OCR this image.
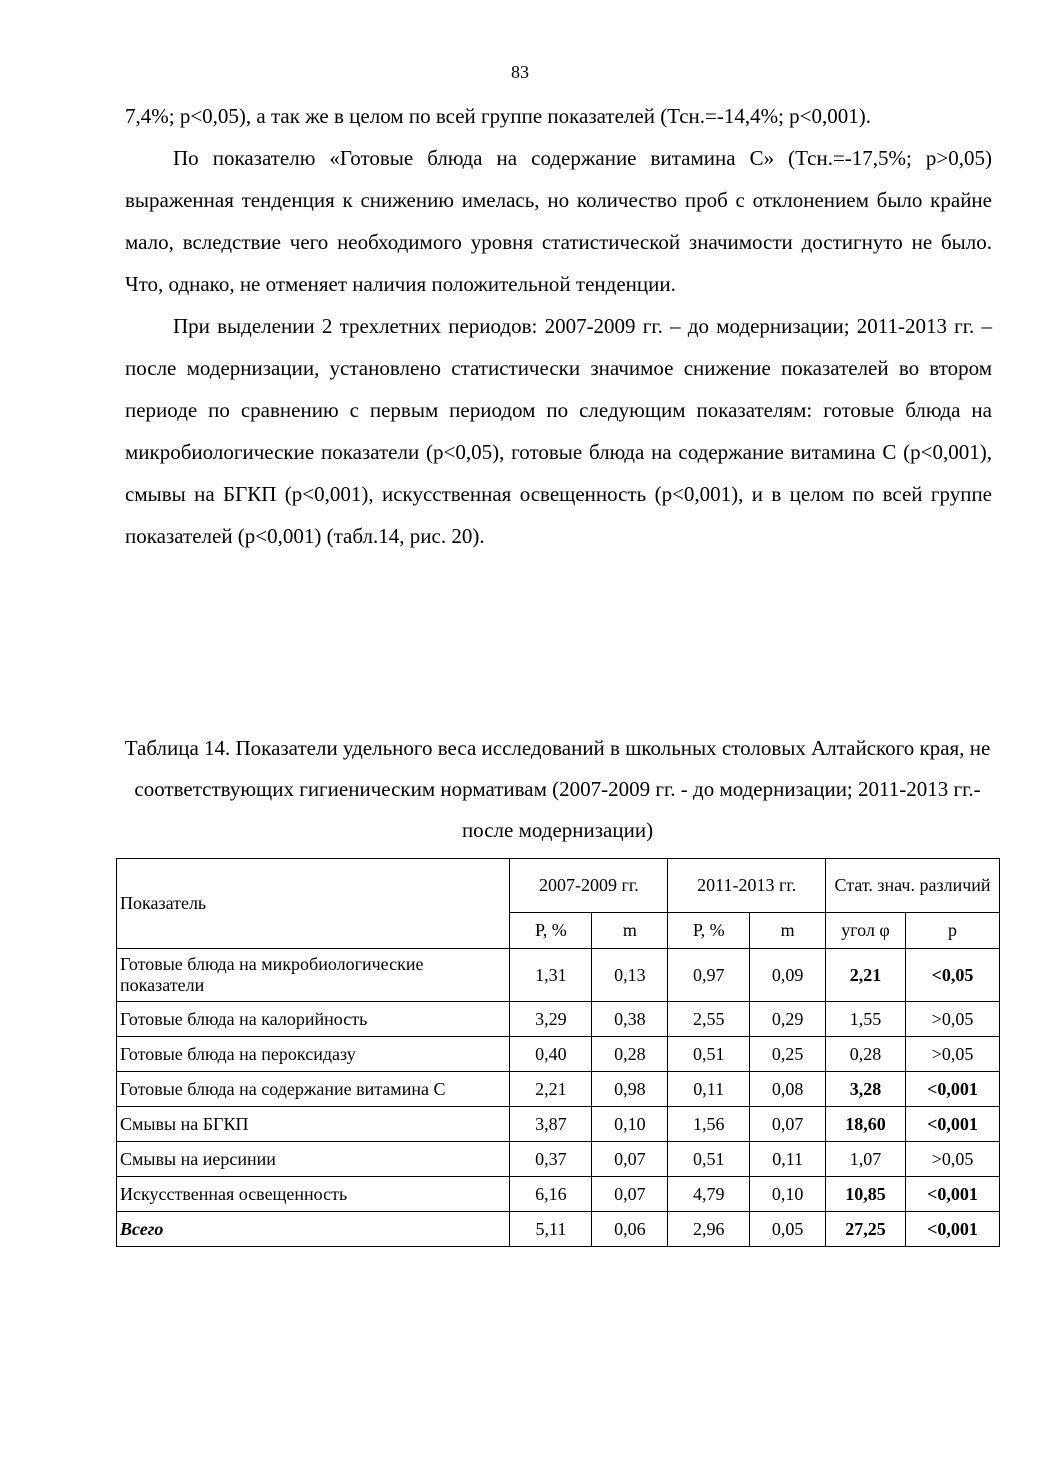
83

7,4%; р<0,05), а так же в целом по всей группе показателей (Тсн.=-14,4%; р<0,001).

По показателю «Готовые блюда на содержание витамина С» (Тсн.=-17,5%; р>0,05) выраженная тенденция к снижению имелась, но количество проб с отклонением было крайне мало, вследствие чего необходимого уровня статистической значимости достигнуто не было. Что, однако, не отменяет наличия положительной тенденции.

При выделении 2 трехлетних периодов: 2007-2009 гг. – до модернизации; 2011-2013 гг. – после модернизации, установлено статистически значимое снижение показателей во втором периоде по сравнению с первым периодом по следующим показателям: готовые блюда на микробиологические показатели (р<0,05), готовые блюда на содержание витамина С (р<0,001), смывы на БГКП (р<0,001), искусственная освещенность (р<0,001), и в целом по всей группе показателей (р<0,001) (табл.14, рис. 20).

Таблица 14. Показатели удельного веса исследований в школьных столовых Алтайского края, не соответствующих гигиеническим нормативам (2007-2009 гг. - до модернизации; 2011-2013 гг.- после модернизации)
Показатель	2007-2009 гг.		2011-2013 гг.		Стат. знач. различий	
	Р, %	m	Р, %	m	угол φ	p
Готовые блюда на микробиологические показатели	1,31	0,13	0,97	0,09	2,21	<0,05
Готовые блюда на калорийность	3,29	0,38	2,55	0,29	1,55	>0,05
Готовые блюда на пероксидазу	0,40	0,28	0,51	0,25	0,28	>0,05
Готовые блюда на содержание витамина С	2,21	0,98	0,11	0,08	3,28	<0,001
Смывы на БГКП	3,87	0,10	1,56	0,07	18,60	<0,001
Смывы на иерсинии	0,37	0,07	0,51	0,11	1,07	>0,05
Искусственная освещенность	6,16	0,07	4,79	0,10	10,85	<0,001
Всего	5,11	0,06	2,96	0,05	27,25	<0,001
